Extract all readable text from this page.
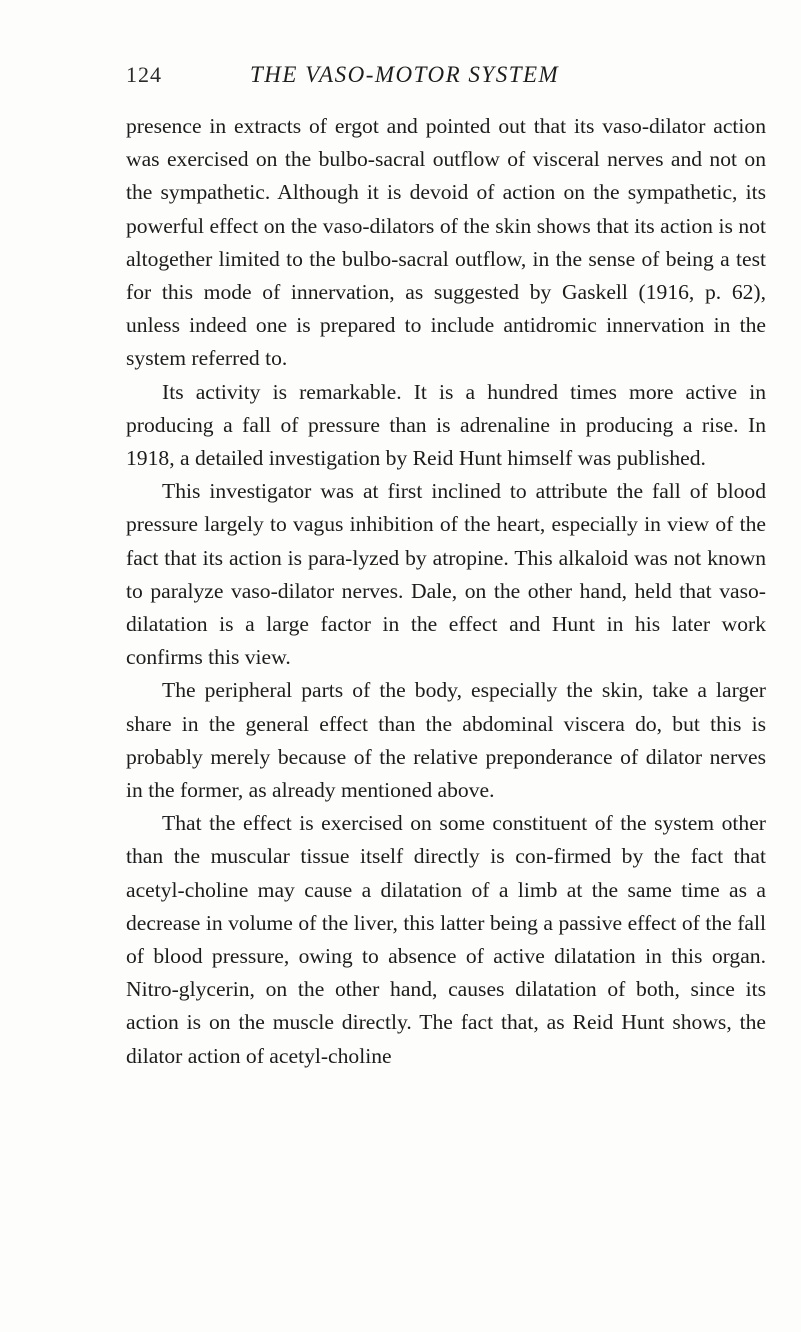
124	THE VASO-MOTOR SYSTEM

presence in extracts of ergot and pointed out that its vaso-dilator action was exercised on the bulbo-sacral outflow of visceral nerves and not on the sympathetic. Although it is devoid of action on the sympathetic, its powerful effect on the vaso-dilators of the skin shows that its action is not altogether limited to the bulbo-sacral outflow, in the sense of being a test for this mode of innervation, as suggested by Gaskell (1916, p. 62), unless indeed one is prepared to include antidromic innervation in the system referred to.

Its activity is remarkable. It is a hundred times more active in producing a fall of pressure than is adrenaline in producing a rise. In 1918, a detailed investigation by Reid Hunt himself was published.

This investigator was at first inclined to attribute the fall of blood pressure largely to vagus inhibition of the heart, especially in view of the fact that its action is para-lyzed by atropine. This alkaloid was not known to paralyze vaso-dilator nerves. Dale, on the other hand, held that vaso-dilatation is a large factor in the effect and Hunt in his later work confirms this view.

The peripheral parts of the body, especially the skin, take a larger share in the general effect than the abdominal viscera do, but this is probably merely because of the relative preponderance of dilator nerves in the former, as already mentioned above.

That the effect is exercised on some constituent of the system other than the muscular tissue itself directly is con-firmed by the fact that acetyl-choline may cause a dilatation of a limb at the same time as a decrease in volume of the liver, this latter being a passive effect of the fall of blood pressure, owing to absence of active dilatation in this organ. Nitro-glycerin, on the other hand, causes dilatation of both, since its action is on the muscle directly. The fact that, as Reid Hunt shows, the dilator action of acetyl-choline
